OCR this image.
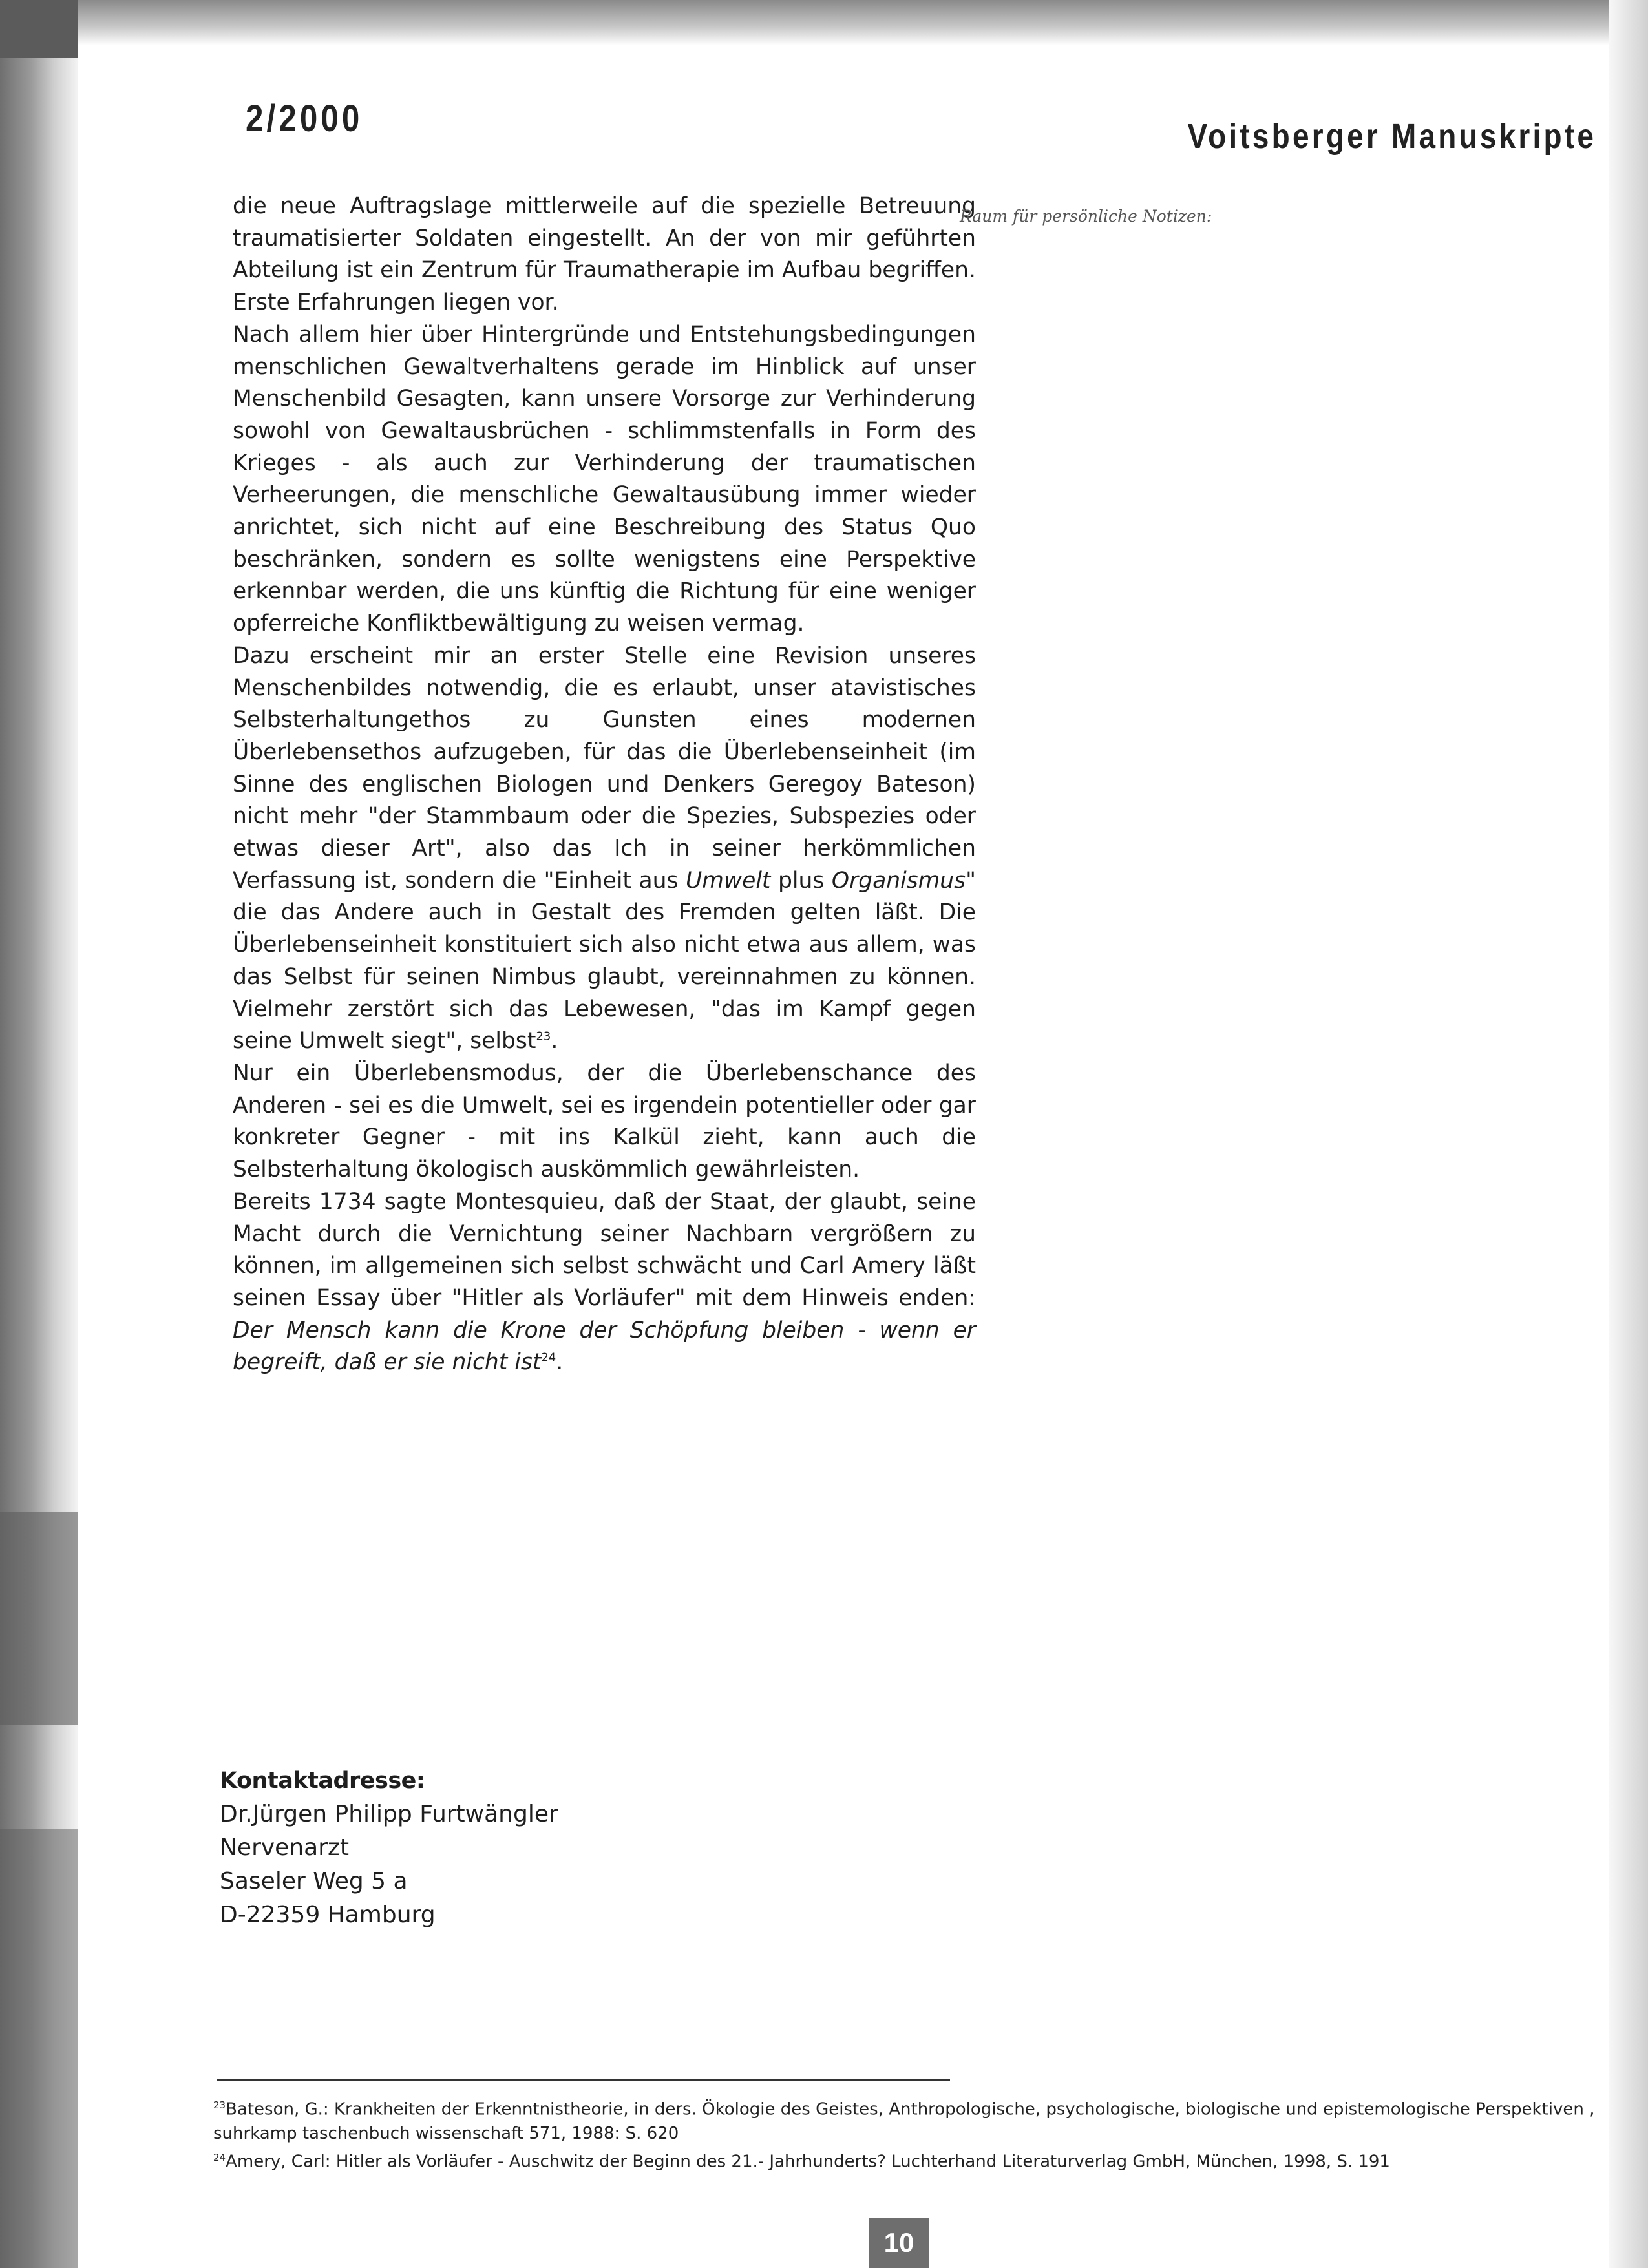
2/2000	Voitsberger Manuskripte

die neue Auftragslage mittlerweile auf die spezielle Betreuung traumatisierter Soldaten eingestellt. An der von mir geführten Abteilung ist ein Zentrum für Traumatherapie im Aufbau begriffen. Erste Erfahrungen liegen vor.

Nach allem hier über Hintergründe und Entstehungsbedingungen menschlichen Gewaltverhaltens gerade im Hinblick auf unser Menschenbild Gesagten, kann unsere Vorsorge zur Verhinderung sowohl von Gewaltausbrüchen - schlimmstenfalls in Form des Krieges - als auch zur Verhinderung der traumatischen Verheerungen, die menschliche Gewaltausübung immer wieder anrichtet, sich nicht auf eine Beschreibung des Status Quo beschränken, sondern es sollte wenigstens eine Perspektive erkennbar werden, die uns künftig die Richtung für eine weniger opferreiche Konfliktbewältigung zu weisen vermag.

Dazu erscheint mir an erster Stelle eine Revision unseres Menschenbildes notwendig, die es erlaubt, unser atavistisches Selbsterhaltungethos zu Gunsten eines modernen Überlebensethos aufzugeben, für das die Überlebenseinheit (im Sinne des englischen Biologen und Denkers Geregoy Bateson) nicht mehr "der Stammbaum oder die Spezies, Subspezies oder etwas dieser Art", also das Ich in seiner herkömmlichen Verfassung ist, sondern die "Einheit aus Umwelt plus Organismus" die das Andere auch in Gestalt des Fremden gelten läßt. Die Überlebenseinheit konstituiert sich also nicht etwa aus allem, was das Selbst für seinen Nimbus glaubt, vereinnahmen zu können. Vielmehr zerstört sich das Lebewesen, "das im Kampf gegen seine Umwelt siegt", selbst$^{23}$.

Nur ein Überlebensmodus, der die Überlebenschance des Anderen - sei es die Umwelt, sei es irgendein potentieller oder gar konkreter Gegner - mit ins Kalkül zieht, kann auch die Selbsterhaltung ökologisch auskömmlich gewährleisten.

Bereits 1734 sagte Montesquieu, daß der Staat, der glaubt, seine Macht durch die Vernichtung seiner Nachbarn vergrößern zu können, im allgemeinen sich selbst schwächt und Carl Amery läßt seinen Essay über "Hitler als Vorläufer" mit dem Hinweis enden: Der Mensch kann die Krone der Schöpfung bleiben - wenn er begreift, daß er sie nicht ist$^{24}$.

Raum für persönliche Notizen:
Kontaktadresse:
Dr.Jürgen Philipp Furtwängler
Nervenarzt
Saseler Weg 5 a
D-22359 Hamburg

$^{23}$Bateson, G.: Krankheiten der Erkenntnistheorie, in ders. Ökologie des Geistes, Anthropologische, psychologische, biologische und epistemologische Perspektiven , suhrkamp taschenbuch wissenschaft 571, 1988: S. 620

$^{24}$Amery, Carl: Hitler als Vorläufer - Auschwitz der Beginn des 21.- Jahrhunderts? Luchterhand Literaturverlag GmbH, München, 1998, S. 191

10
